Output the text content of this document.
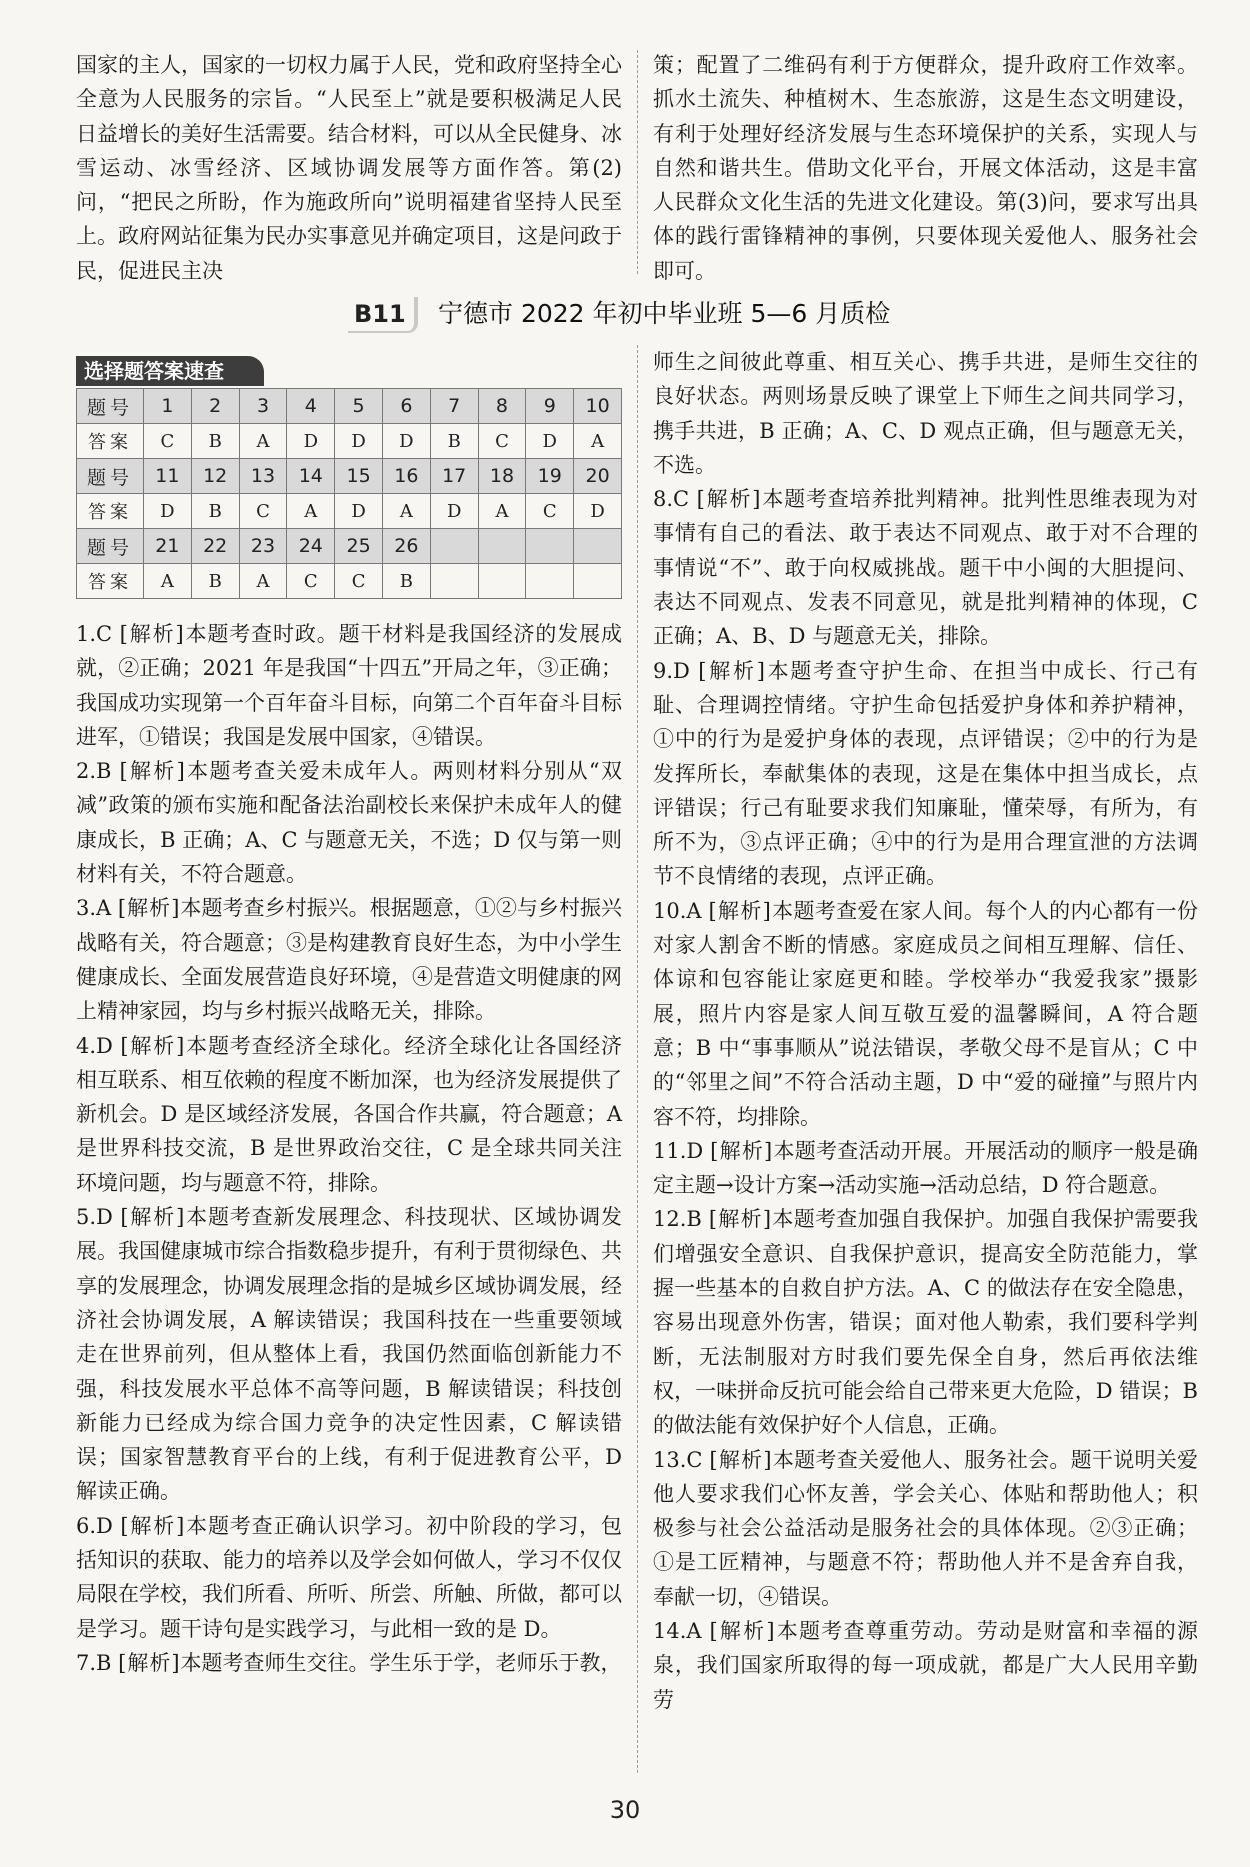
国家的主人，国家的一切权力属于人民，党和政府坚持全心全意为人民服务的宗旨。“人民至上”就是要积极满足人民日益增长的美好生活需要。结合材料，可以从全民健身、冰雪运动、冰雪经济、区域协调发展等方面作答。第(2)问，“把民之所盼，作为施政所向”说明福建省坚持人民至上。政府网站征集为民办实事意见并确定项目，这是问政于民，促进民主决

策；配置了二维码有利于方便群众，提升政府工作效率。抓水土流失、种植树木、生态旅游，这是生态文明建设，有利于处理好经济发展与生态环境保护的关系，实现人与自然和谐共生。借助文化平台，开展文体活动，这是丰富人民群众文化生活的先进文化建设。第(3)问，要求写出具体的践行雷锋精神的事例，只要体现关爱他人、服务社会即可。

B11	宁德市 2022 年初中毕业班 5—6 月质检
选择题答案速查
题号	1	2	3	4	5	6	7	8	9	10
答案	C	B	A	D	D	D	B	C	D	A
题号	11	12	13	14	15	16	17	18	19	20
答案	D	B	C	A	D	A	D	A	C	D
题号	21	22	23	24	25	26				
答案	A	B	A	C	C	B				

1.C [解析]本题考查时政。题干材料是我国经济的发展成就，②正确；2021 年是我国“十四五”开局之年，③正确；我国成功实现第一个百年奋斗目标，向第二个百年奋斗目标进军，①错误；我国是发展中国家，④错误。

2.B [解析]本题考查关爱未成年人。两则材料分别从“双减”政策的颁布实施和配备法治副校长来保护未成年人的健康成长，B 正确；A、C 与题意无关，不选；D 仅与第一则材料有关，不符合题意。

3.A [解析]本题考查乡村振兴。根据题意，①②与乡村振兴战略有关，符合题意；③是构建教育良好生态，为中小学生健康成长、全面发展营造良好环境，④是营造文明健康的网上精神家园，均与乡村振兴战略无关，排除。

4.D [解析]本题考查经济全球化。经济全球化让各国经济相互联系、相互依赖的程度不断加深，也为经济发展提供了新机会。D 是区域经济发展，各国合作共赢，符合题意；A 是世界科技交流，B 是世界政治交往，C 是全球共同关注环境问题，均与题意不符，排除。

5.D [解析]本题考查新发展理念、科技现状、区域协调发展。我国健康城市综合指数稳步提升，有利于贯彻绿色、共享的发展理念，协调发展理念指的是城乡区域协调发展，经济社会协调发展，A 解读错误；我国科技在一些重要领域走在世界前列，但从整体上看，我国仍然面临创新能力不强，科技发展水平总体不高等问题，B 解读错误；科技创新能力已经成为综合国力竞争的决定性因素，C 解读错误；国家智慧教育平台的上线，有利于促进教育公平，D 解读正确。

6.D [解析]本题考查正确认识学习。初中阶段的学习，包括知识的获取、能力的培养以及学会如何做人，学习不仅仅局限在学校，我们所看、所听、所尝、所触、所做，都可以是学习。题干诗句是实践学习，与此相一致的是 D。

7.B [解析]本题考查师生交往。学生乐于学，老师乐于教，

师生之间彼此尊重、相互关心、携手共进，是师生交往的良好状态。两则场景反映了课堂上下师生之间共同学习，携手共进，B 正确；A、C、D 观点正确，但与题意无关，不选。

8.C [解析]本题考查培养批判精神。批判性思维表现为对事情有自己的看法、敢于表达不同观点、敢于对不合理的事情说“不”、敢于向权威挑战。题干中小闽的大胆提问、表达不同观点、发表不同意见，就是批判精神的体现，C 正确；A、B、D 与题意无关，排除。

9.D [解析]本题考查守护生命、在担当中成长、行己有耻、合理调控情绪。守护生命包括爱护身体和养护精神，①中的行为是爱护身体的表现，点评错误；②中的行为是发挥所长，奉献集体的表现，这是在集体中担当成长，点评错误；行己有耻要求我们知廉耻，懂荣辱，有所为，有所不为，③点评正确；④中的行为是用合理宣泄的方法调节不良情绪的表现，点评正确。

10.A [解析]本题考查爱在家人间。每个人的内心都有一份对家人割舍不断的情感。家庭成员之间相互理解、信任、体谅和包容能让家庭更和睦。学校举办“我爱我家”摄影展，照片内容是家人间互敬互爱的温馨瞬间，A 符合题意；B 中“事事顺从”说法错误，孝敬父母不是盲从；C 中的“邻里之间”不符合活动主题，D 中“爱的碰撞”与照片内容不符，均排除。

11.D [解析]本题考查活动开展。开展活动的顺序一般是确定主题→设计方案→活动实施→活动总结，D 符合题意。

12.B [解析]本题考查加强自我保护。加强自我保护需要我们增强安全意识、自我保护意识，提高安全防范能力，掌握一些基本的自救自护方法。A、C 的做法存在安全隐患，容易出现意外伤害，错误；面对他人勒索，我们要科学判断，无法制服对方时我们要先保全自身，然后再依法维权，一味拼命反抗可能会给自己带来更大危险，D 错误；B 的做法能有效保护好个人信息，正确。

13.C [解析]本题考查关爱他人、服务社会。题干说明关爱他人要求我们心怀友善，学会关心、体贴和帮助他人；积极参与社会公益活动是服务社会的具体体现。②③正确；①是工匠精神，与题意不符；帮助他人并不是舍弃自我，奉献一切，④错误。

14.A [解析]本题考查尊重劳动。劳动是财富和幸福的源泉，我们国家所取得的每一项成就，都是广大人民用辛勤劳

30
